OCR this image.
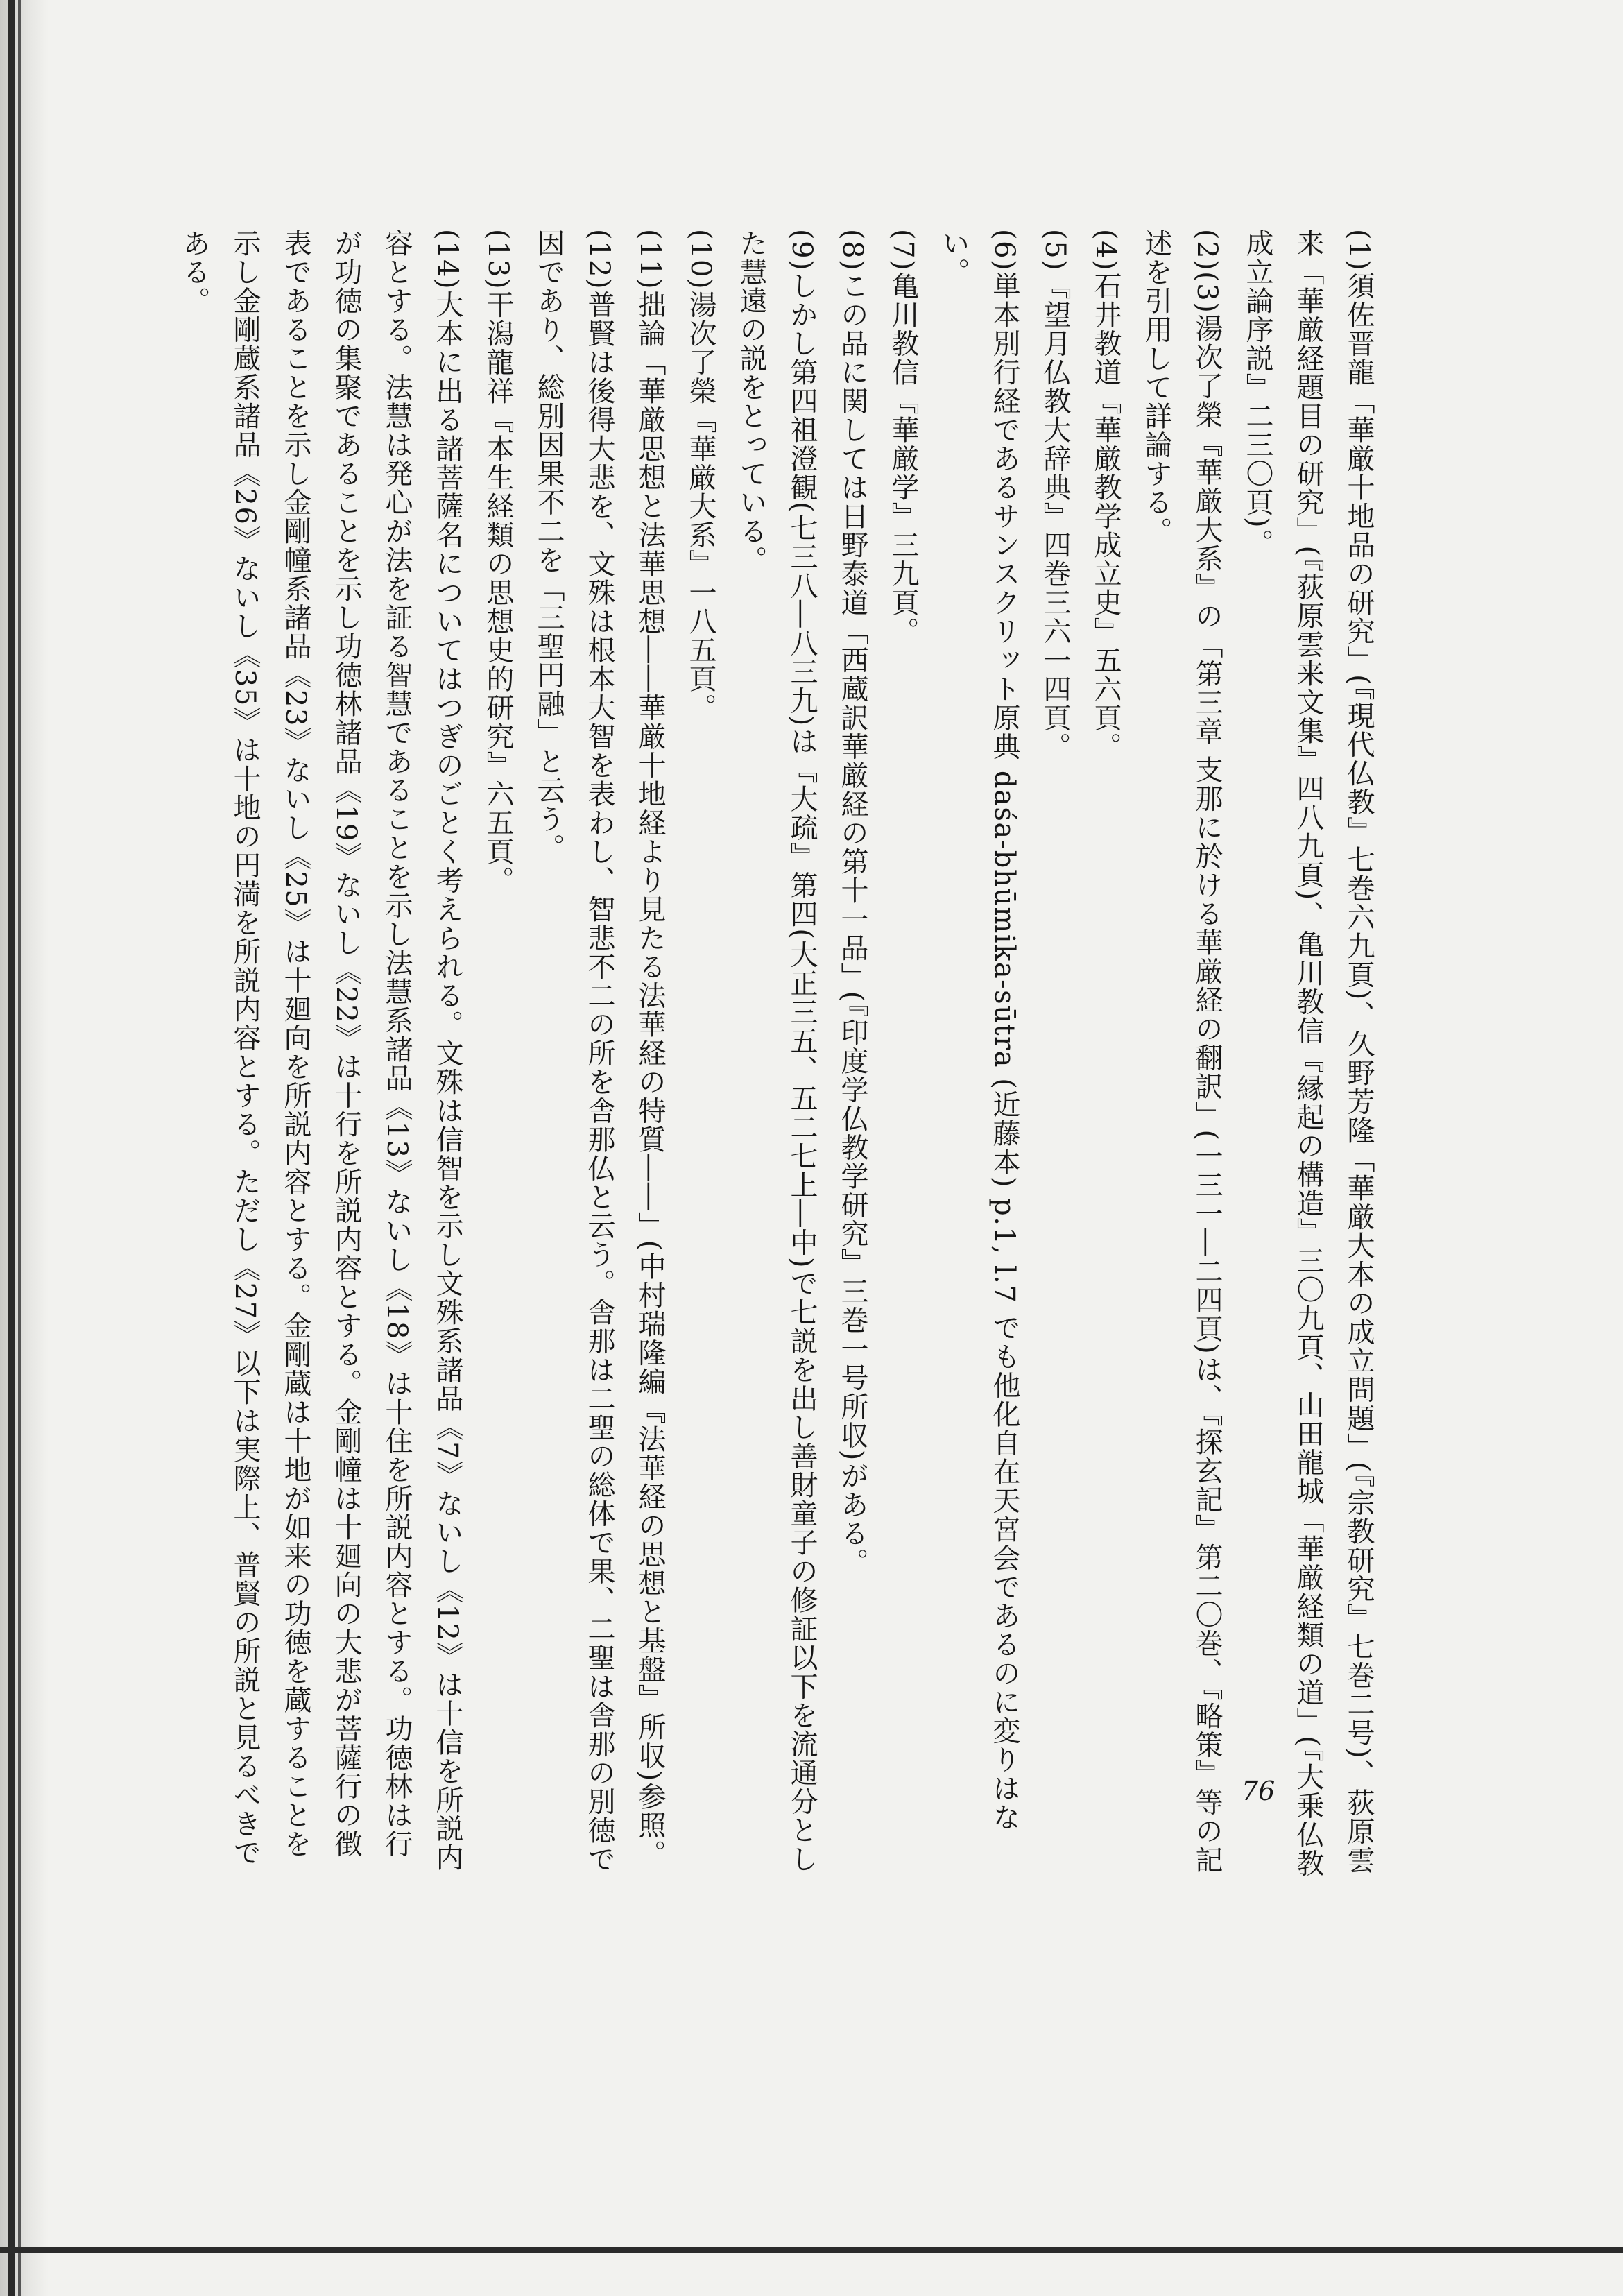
(1)須佐晋龍「華厳十地品の研究」(『現代仏教』七巻六九頁)、久野芳隆「華厳大本の成立問題」(『宗教研究』七巻二号)、荻原雲来「華厳経題目の研究」(『荻原雲来文集』四八九頁)、亀川教信『縁起の構造』三〇九頁、山田龍城「華厳経類の道」(『大乗仏教成立論序説』二三〇頁)。

(2)(3)湯次了榮『華厳大系』の「第三章 支那に於ける華厳経の翻訳」(一三一―二四頁)は、『探玄記』第二〇巻、『略策』等の記述を引用して詳論する。

(4)石井教道『華厳教学成立史』五六頁。

(5)『望月仏教大辞典』四巻三六一四頁。

(6)単本別行経であるサンスクリット原典 daśa-bhūmika-sūtra (近藤本) p.1, l.7 でも他化自在天宮会であるのに変りはない。

(7)亀川教信『華厳学』三九頁。

(8)この品に関しては日野泰道「西蔵訳華厳経の第十一品」(『印度学仏教学研究』三巻一号所収)がある。

(9)しかし第四祖澄観(七三八―八三九)は『大疏』第四(大正三五、五二七上―中)で七説を出し善財童子の修証以下を流通分とした慧遠の説をとっている。

(10)湯次了榮『華厳大系』一八五頁。

(11)拙論「華厳思想と法華思想――華厳十地経より見たる法華経の特質――」(中村瑞隆編『法華経の思想と基盤』所収)参照。

(12)普賢は後得大悲を、文殊は根本大智を表わし、智悲不二の所を舎那仏と云う。舎那は二聖の総体で果、二聖は舎那の別徳で因であり、総別因果不二を「三聖円融」と云う。

(13)干潟龍祥『本生経類の思想史的研究』六五頁。

(14)大本に出る諸菩薩名についてはつぎのごとく考えられる。文殊は信智を示し文殊系諸品《7》ないし《12》は十信を所説内容とする。法慧は発心が法を証る智慧であることを示し法慧系諸品《13》ないし《18》は十住を所説内容とする。功徳林は行が功徳の集聚であることを示し功徳林諸品《19》ないし《22》は十行を所説内容とする。金剛幢は十廻向の大悲が菩薩行の徴表であることを示し金剛幢系諸品《23》ないし《25》は十廻向を所説内容とする。金剛蔵は十地が如来の功徳を蔵することを示し金剛蔵系諸品《26》ないし《35》は十地の円満を所説内容とする。ただし《27》以下は実際上、普賢の所説と見るべきである。

76
